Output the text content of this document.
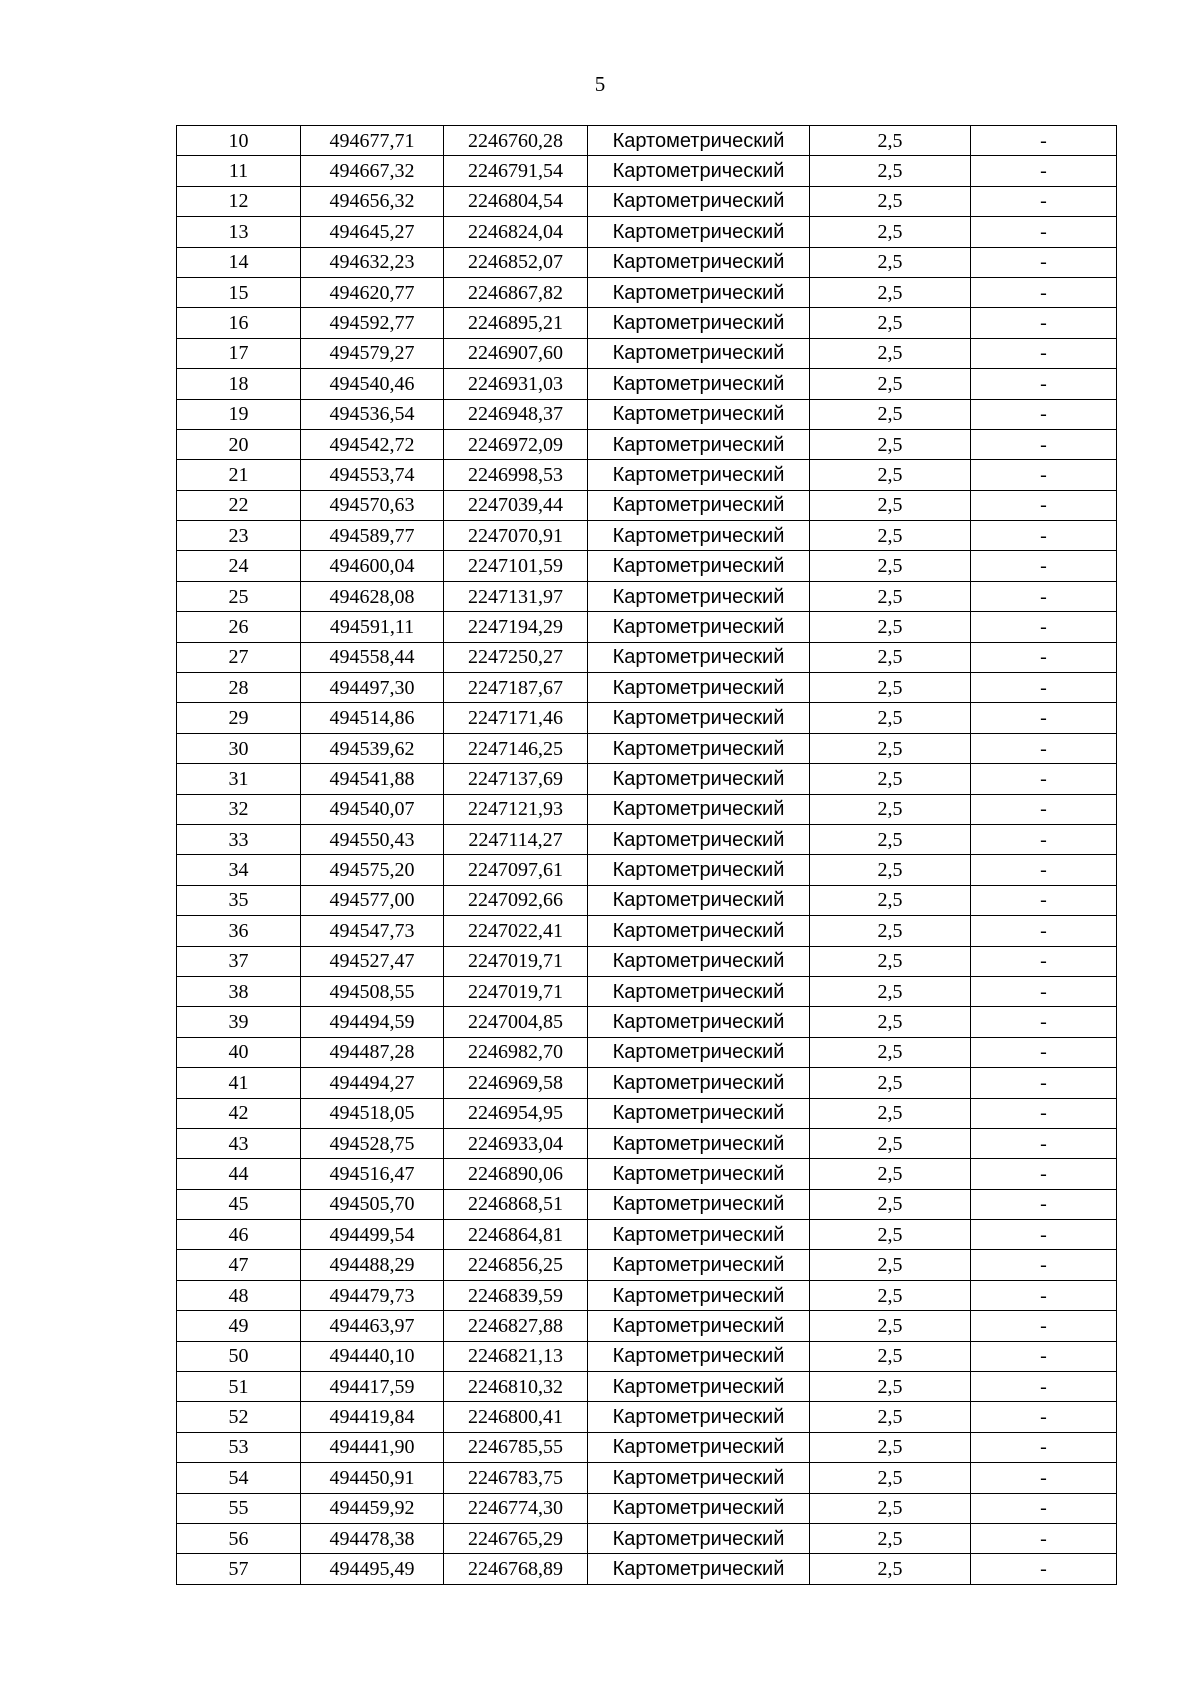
5
10	494677,71	2246760,28	Картометрический	2,5	-
11	494667,32	2246791,54	Картометрический	2,5	-
12	494656,32	2246804,54	Картометрический	2,5	-
13	494645,27	2246824,04	Картометрический	2,5	-
14	494632,23	2246852,07	Картометрический	2,5	-
15	494620,77	2246867,82	Картометрический	2,5	-
16	494592,77	2246895,21	Картометрический	2,5	-
17	494579,27	2246907,60	Картометрический	2,5	-
18	494540,46	2246931,03	Картометрический	2,5	-
19	494536,54	2246948,37	Картометрический	2,5	-
20	494542,72	2246972,09	Картометрический	2,5	-
21	494553,74	2246998,53	Картометрический	2,5	-
22	494570,63	2247039,44	Картометрический	2,5	-
23	494589,77	2247070,91	Картометрический	2,5	-
24	494600,04	2247101,59	Картометрический	2,5	-
25	494628,08	2247131,97	Картометрический	2,5	-
26	494591,11	2247194,29	Картометрический	2,5	-
27	494558,44	2247250,27	Картометрический	2,5	-
28	494497,30	2247187,67	Картометрический	2,5	-
29	494514,86	2247171,46	Картометрический	2,5	-
30	494539,62	2247146,25	Картометрический	2,5	-
31	494541,88	2247137,69	Картометрический	2,5	-
32	494540,07	2247121,93	Картометрический	2,5	-
33	494550,43	2247114,27	Картометрический	2,5	-
34	494575,20	2247097,61	Картометрический	2,5	-
35	494577,00	2247092,66	Картометрический	2,5	-
36	494547,73	2247022,41	Картометрический	2,5	-
37	494527,47	2247019,71	Картометрический	2,5	-
38	494508,55	2247019,71	Картометрический	2,5	-
39	494494,59	2247004,85	Картометрический	2,5	-
40	494487,28	2246982,70	Картометрический	2,5	-
41	494494,27	2246969,58	Картометрический	2,5	-
42	494518,05	2246954,95	Картометрический	2,5	-
43	494528,75	2246933,04	Картометрический	2,5	-
44	494516,47	2246890,06	Картометрический	2,5	-
45	494505,70	2246868,51	Картометрический	2,5	-
46	494499,54	2246864,81	Картометрический	2,5	-
47	494488,29	2246856,25	Картометрический	2,5	-
48	494479,73	2246839,59	Картометрический	2,5	-
49	494463,97	2246827,88	Картометрический	2,5	-
50	494440,10	2246821,13	Картометрический	2,5	-
51	494417,59	2246810,32	Картометрический	2,5	-
52	494419,84	2246800,41	Картометрический	2,5	-
53	494441,90	2246785,55	Картометрический	2,5	-
54	494450,91	2246783,75	Картометрический	2,5	-
55	494459,92	2246774,30	Картометрический	2,5	-
56	494478,38	2246765,29	Картометрический	2,5	-
57	494495,49	2246768,89	Картометрический	2,5	-
